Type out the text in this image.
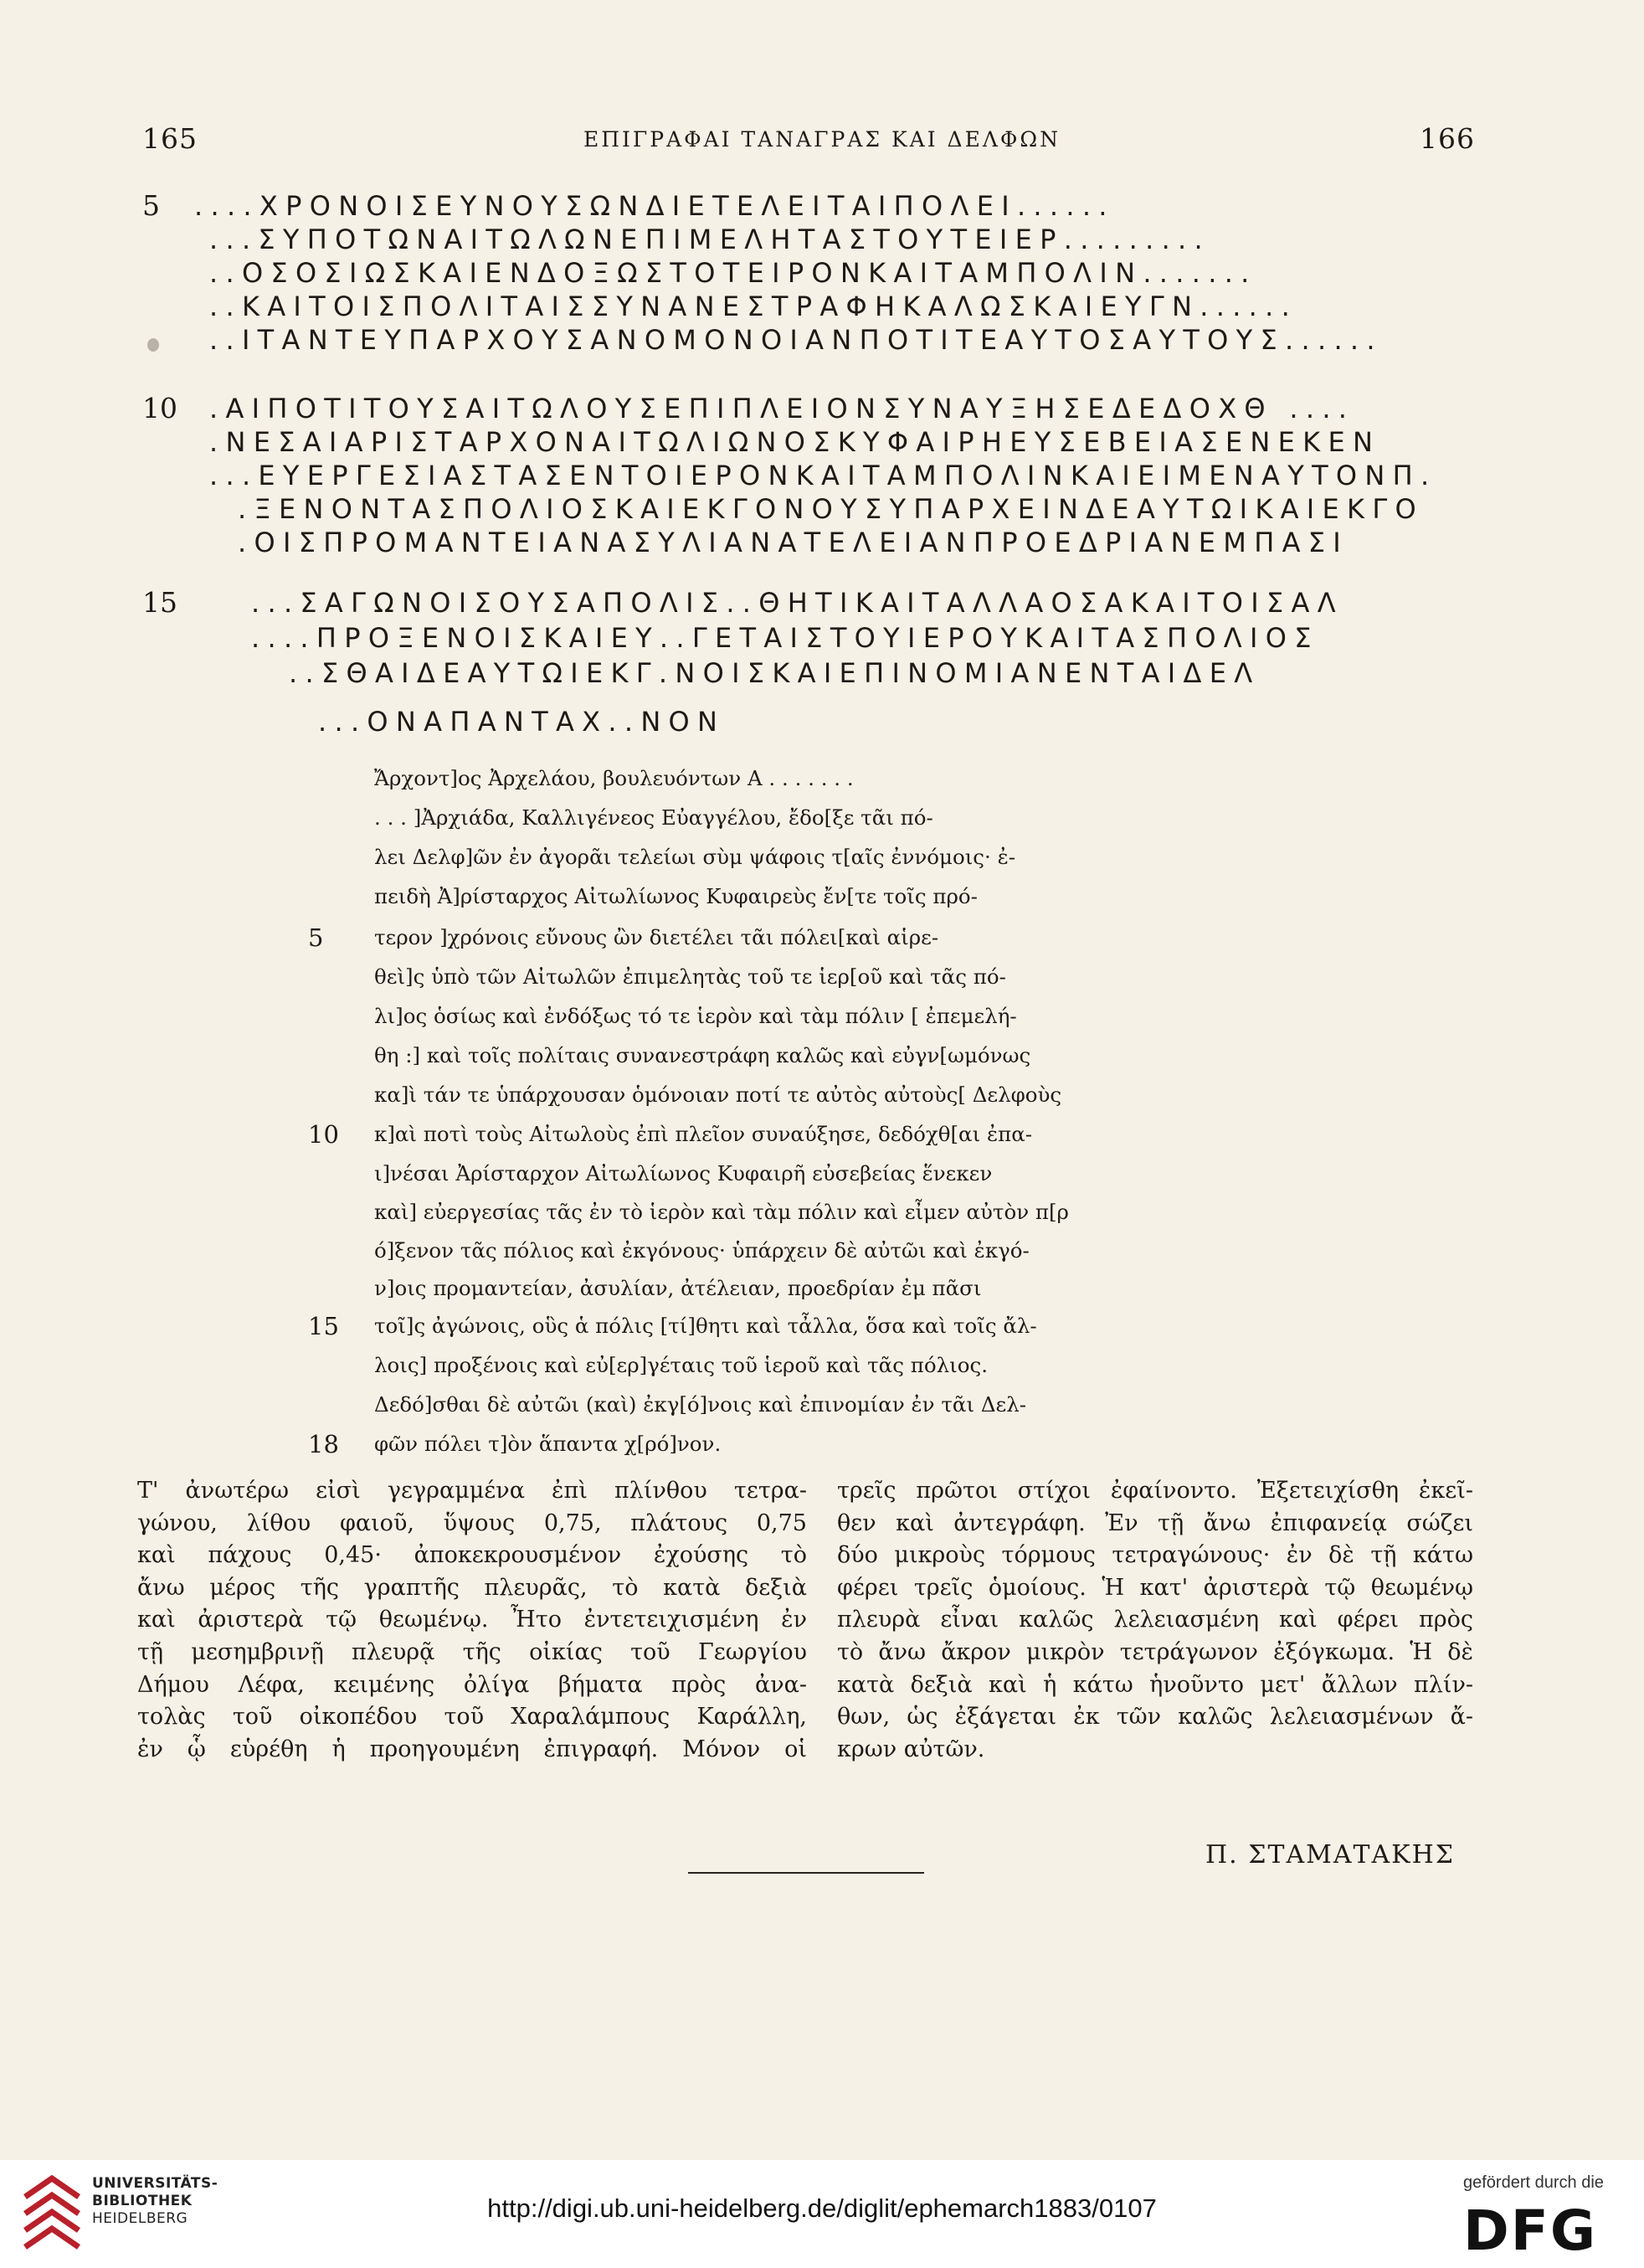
165	ΕΠΙΓΡΑΦΑΙ ΤΑΝΑΓΡΑΣ ΚΑΙ ΔΕΛΦΩΝ	166
5
10
15
....ΧΡΟΝΟΙΣΕΥΝΟΥΣΩΝΔΙΕΤΕΛΕΙΤΑΙΠΟΛΕΙ......
...ΣΥΠΟΤΩΝΑΙΤΩΛΩΝΕΠΙΜΕΛΗΤΑΣΤΟΥΤΕΙΕΡ.........
..ΟΣΟΣΙΩΣΚΑΙΕΝΔΟΞΩΣΤΟΤΕΙΡΟΝΚΑΙΤΑΜΠΟΛΙΝ.......
..ΚΑΙΤΟΙΣΠΟΛΙΤΑΙΣΣΥΝΑΝΕΣΤΡΑΦΗΚΑΛΩΣΚΑΙΕΥΓΝ......
..ΙΤΑΝΤΕΥΠΑΡΧΟΥΣΑΝΟΜΟΝΟΙΑΝΠΟΤΙΤΕΑΥΤΟΣΑΥΤΟΥΣ......
.ΑΙΠΟΤΙΤΟΥΣΑΙΤΩΛΟΥΣΕΠΙΠΛΕΙΟΝΣΥΝΑΥΞΗΣΕΔΕΔΟΧΘ ....
.ΝΕΣΑΙΑΡΙΣΤΑΡΧΟΝΑΙΤΩΛΙΩΝΟΣΚΥΦΑΙΡΗΕΥΣΕΒΕΙΑΣΕΝΕΚΕΝ
...ΕΥΕΡΓΕΣΙΑΣΤΑΣΕΝΤΟΙΕΡΟΝΚΑΙΤΑΜΠΟΛΙΝΚΑΙΕΙΜΕΝΑΥΤΟΝΠ.
.ΞΕΝΟΝΤΑΣΠΟΛΙΟΣΚΑΙΕΚΓΟΝΟΥΣΥΠΑΡΧΕΙΝΔΕΑΥΤΩΙΚΑΙΕΚΓΟ
.ΟΙΣΠΡΟΜΑΝΤΕΙΑΝΑΣΥΛΙΑΝΑΤΕΛΕΙΑΝΠΡΟΕΔΡΙΑΝΕΜΠΑΣΙ
...ΣΑΓΩΝΟΙΣΟΥΣΑΠΟΛΙΣ..ΘΗΤΙΚΑΙΤΑΛΛΑΟΣΑΚΑΙΤΟΙΣΑΛ
....ΠΡΟΞΕΝΟΙΣΚΑΙΕΥ..ΓΕΤΑΙΣΤΟΥΙΕΡΟΥΚΑΙΤΑΣΠΟΛΙΟΣ
..ΣΘΑΙΔΕΑΥΤΩΙΕΚΓ.ΝΟΙΣΚΑΙΕΠΙΝΟΜΙΑΝΕΝΤΑΙΔΕΛ
...ΟΝΑΠΑΝΤΑΧ..ΝΟΝ
5
10
15
18
Ἄρχοντ]ος Ἀρχελάου, βουλευόντων Α . . . . . . .
. . . ]Ἀρχιάδα, Καλλιγένεος Εὐαγγέλου, ἔδο[ξε τᾶι πό-
λει Δελφ]ῶν ἐν ἀγορᾶι τελείωι σὺμ ψάφοις τ[αῖς ἐννόμοις· ἐ-
πειδὴ Ἀ]ρίσταρχος Αἰτωλίωνος Κυφαιρεὺς ἔν[τε τοῖς πρό-
τερον ]χρόνοις εὔνους ὢν διετέλει τᾶι πόλει[καὶ αἱρε-
θεὶ]ς ὑπὸ τῶν Αἰτωλῶν ἐπιμελητὰς τοῦ τε ἱερ[οῦ καὶ τᾶς πό-
λι]ος ὁσίως καὶ ἐνδόξως τό τε ἱερὸν καὶ τὰμ πόλιν [ ἐπεμελή-
θη :] καὶ τοῖς πολίταις συνανεστράφη καλῶς καὶ εὐγν[ωμόνως
κα]ὶ τάν τε ὑπάρχουσαν ὁμόνοιαν ποτί τε αὐτὸς αὐτοὺς[ Δελφοὺς
κ]αὶ ποτὶ τοὺς Αἰτωλοὺς ἐπὶ πλεῖον συναύξησε, δεδόχθ[αι ἐπα-
ι]νέσαι Ἀρίσταρχον Αἰτωλίωνος Κυφαιρῆ εὐσεβείας ἕνεκεν
καὶ] εὐεργεσίας τᾶς ἐν τὸ ἱερὸν καὶ τὰμ πόλιν καὶ εἶμεν αὐτὸν π[ρ
ό]ξενον τᾶς πόλιος καὶ ἐκγόνους· ὑπάρχειν δὲ αὐτῶι καὶ ἐκγό-
ν]οις προμαντείαν, ἀσυλίαν, ἀτέλειαν, προεδρίαν ἐμ πᾶσι
τοῖ]ς ἀγώνοις, οὓς ἁ πόλις [τί]θητι καὶ τἆλλα, ὅσα καὶ τοῖς ἄλ-
λοις] προξένοις καὶ εὐ[ερ]γέταις τοῦ ἱεροῦ καὶ τᾶς πόλιος.
Δεδό]σθαι δὲ αὐτῶι (καὶ) ἐκγ[ό]νοις καὶ ἐπινομίαν ἐν τᾶι Δελ-
φῶν πόλει τ]ὸν ἅπαντα χ[ρό]νον.

Τ' ἀνωτέρω εἰσὶ γεγραμμένα ἐπὶ πλίνθου τετρα-

γώνου, λίθου φαιοῦ, ὕψους 0,75, πλάτους 0,75

καὶ πάχους 0,45· ἀποκεκρουσμένον ἐχούσης τὸ

ἄνω μέρος τῆς γραπτῆς πλευρᾶς, τὸ κατὰ δεξιὰ

καὶ ἀριστερὰ τῷ θεωμένῳ. Ἦτο ἐντετειχισμένη ἐν

τῇ μεσημβρινῇ πλευρᾷ τῆς οἰκίας τοῦ Γεωργίου

Δήμου Λέφα, κειμένης ὀλίγα βήματα πρὸς ἀνα-

τολὰς τοῦ οἰκοπέδου τοῦ Χαραλάμπους Καράλλη,

ἐν ᾧ εὑρέθη ἡ προηγουμένη ἐπιγραφή. Μόνον οἱ

τρεῖς πρῶτοι στίχοι ἐφαίνοντο. Ἐξετειχίσθη ἐκεῖ-

θεν καὶ ἀντεγράφη. Ἐν τῇ ἄνω ἐπιφανείᾳ σώζει

δύο μικροὺς τόρμους τετραγώνους· ἐν δὲ τῇ κάτω

φέρει τρεῖς ὁμοίους. Ἡ κατ' ἀριστερὰ τῷ θεωμένῳ

πλευρὰ εἶναι καλῶς λελειασμένη καὶ φέρει πρὸς

τὸ ἄνω ἄκρον μικρὸν τετράγωνον ἐξόγκωμα. Ἡ δὲ

κατὰ δεξιὰ καὶ ἡ κάτω ἡνοῦντο μετ' ἄλλων πλίν-

θων, ὡς ἐξάγεται ἐκ τῶν καλῶς λελειασμένων ἄ-

κρων αὐτῶν.

Π. ΣΤΑΜΑΤΑΚΗΣ
UNIVERSITÄTS-
BIBLIOTHEK
HEIDELBERG	http://digi.ub.uni-heidelberg.de/diglit/ephemarch1883/0107
gefördert durch die
DFG
